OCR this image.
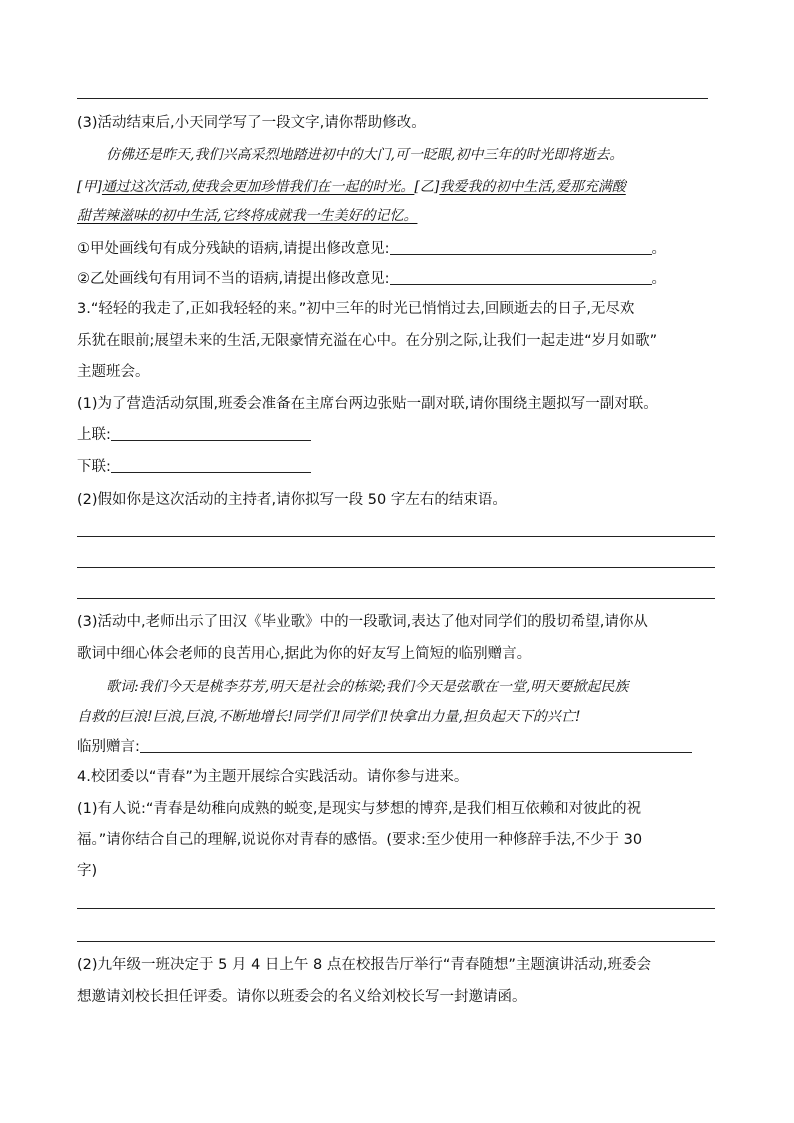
(3)活动结束后,小天同学写了一段文字,请你帮助修改。
仿佛还是昨天,我们兴高采烈地踏进初中的大门,可一眨眼,初中三年的时光即将逝去。
[甲]通过这次活动,使我会更加珍惜我们在一起的时光。[乙]我爱我的初中生活,爱那充满酸
甜苦辣滋味的初中生活,它终将成就我一生美好的记忆。
①甲处画线句有成分残缺的语病,请提出修改意见:	。
②乙处画线句有用词不当的语病,请提出修改意见:	。
3.“轻轻的我走了,正如我轻轻的来。”初中三年的时光已悄悄过去,回顾逝去的日子,无尽欢
乐犹在眼前;展望未来的生活,无限豪情充溢在心中。在分别之际,让我们一起走进“岁月如歌”
主题班会。
(1)为了营造活动氛围,班委会准备在主席台两边张贴一副对联,请你围绕主题拟写一副对联。
上联:
下联:
(2)假如你是这次活动的主持者,请你拟写一段 50 字左右的结束语。
(3)活动中,老师出示了田汉《毕业歌》中的一段歌词,表达了他对同学们的殷切希望,请你从
歌词中细心体会老师的良苦用心,据此为你的好友写上简短的临别赠言。
歌词:我们今天是桃李芬芳,明天是社会的栋梁;我们今天是弦歌在一堂,明天要掀起民族
自救的巨浪!巨浪,巨浪,不断地增长!同学们!同学们!快拿出力量,担负起天下的兴亡!
临别赠言:
4.校团委以“青春”为主题开展综合实践活动。请你参与进来。
(1)有人说:“青春是幼稚向成熟的蜕变,是现实与梦想的博弈,是我们相互依赖和对彼此的祝
福。”请你结合自己的理解,说说你对青春的感悟。(要求:至少使用一种修辞手法,不少于 30
字)
(2)九年级一班决定于 5 月 4 日上午 8 点在校报告厅举行“青春随想”主题演讲活动,班委会
想邀请刘校长担任评委。请你以班委会的名义给刘校长写一封邀请函。
